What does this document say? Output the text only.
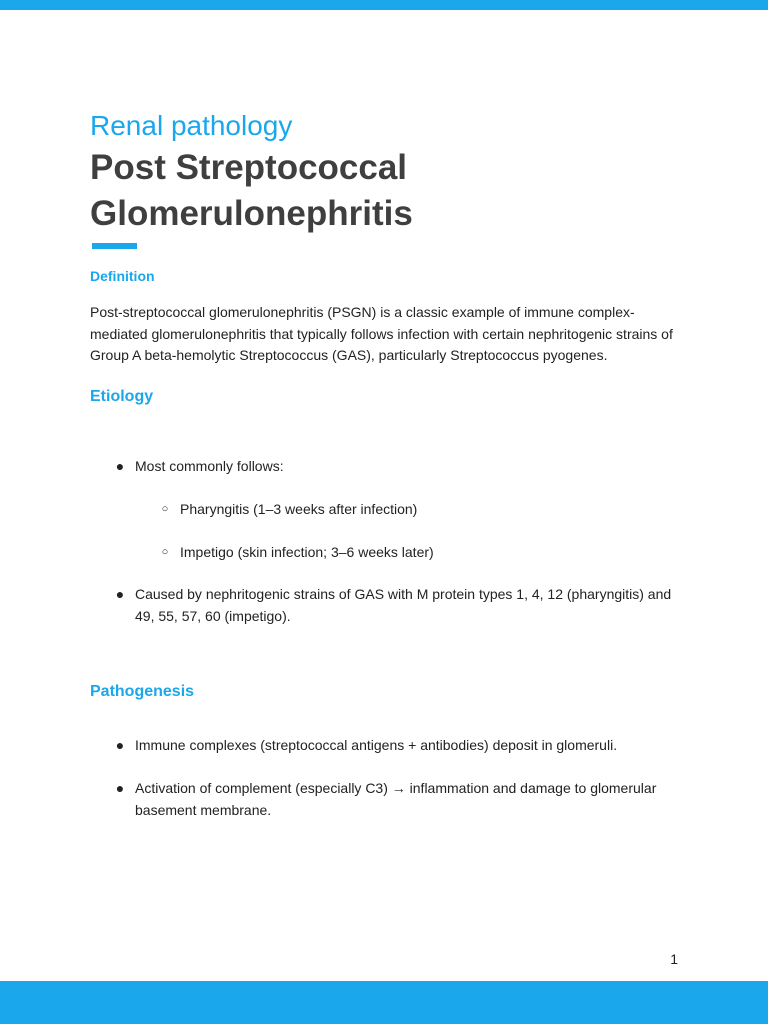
Renal pathology
Post Streptococcal Glomerulonephritis
Definition

Post-streptococcal glomerulonephritis (PSGN) is a classic example of immune complex-mediated glomerulonephritis that typically follows infection with certain nephritogenic strains of Group A beta-hemolytic Streptococcus (GAS), particularly Streptococcus pyogenes.

Etiology
● Most commonly follows:
○ Pharyngitis (1–3 weeks after infection)
○ Impetigo (skin infection; 3–6 weeks later)
● Caused by nephritogenic strains of GAS with M protein types 1, 4, 12 (pharyngitis) and 49, 55, 57, 60 (impetigo).
Pathogenesis
● Immune complexes (streptococcal antigens + antibodies) deposit in glomeruli.
● Activation of complement (especially C3) → inflammation and damage to glomerular basement membrane.
1
